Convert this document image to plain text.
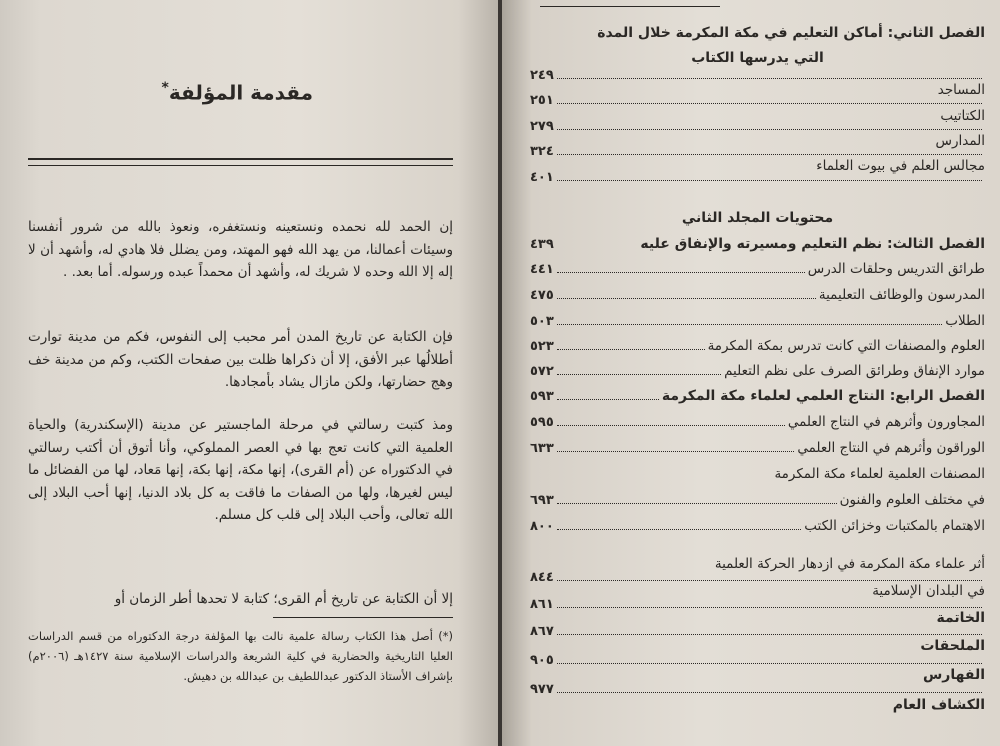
مقدمة المؤلفة*
إن الحمد لله نحمده ونستعينه ونستغفره، ونعوذ بالله من شرور أنفسنا وسيئات أعمالنا، من يهد الله فهو المهتد، ومن يضلل فلا هادي له، وأشهد أن لا إله إلا الله وحده لا شريك له، وأشهد أن محمداً عبده ورسوله. أما بعد. .
فإن الكتابة عن تاريخ المدن أمر محبب إلى النفوس، فكم من مدينة توارت أطلالُها عبر الأفق، إلا أن ذكراها ظلت بين صفحات الكتب، وكم من مدينة خف وهج حضارتها، ولكن مازال يشاد بأمجادها.
ومذ كتبت رسالتي في مرحلة الماجستير عن مدينة (الإسكندرية) والحياة العلمية التي كانت تعج بها في العصر المملوكي، وأنا أتوق أن أكتب رسالتي في الدكتوراه عن (أم القرى)، إنها مكة، إنها بكة، إنها مَعاد، لها من الفضائل ما ليس لغيرها، ولها من الصفات ما فاقت به كل بلاد الدنيا، إنها أحب البلاد إلى الله تعالى، وأحب البلاد إلى قلب كل مسلم.
إلا أن الكتابة عن تاريخ أم القرى؛ كتابة لا تحدها أطر الزمان أو
(*) أصل هذا الكتاب رسالة علمية نالت بها المؤلفة درجة الدكتوراه من قسم الدراسات العليا التاريخية والحضارية في كلية الشريعة والدراسات الإسلامية سنة ١٤٢٧هـ (٢٠٠٦م) بإشراف الأستاذ الدكتور عبداللطيف بن عبدالله بن دهيش.
الفصل الثاني: أماكن التعليم في مكة المكرمة خلال المدة
التي يدرسها الكتاب
٢٤٩
المساجد
٢٥١
الكتاتيب
٢٧٩
المدارس
٣٢٤
مجالس العلم في بيوت العلماء
٤٠١
محتويات المجلد الثاني
الفصل الثالث: نظم التعليم ومسيرته والإنفاق عليه
٤٣٩
طرائق التدريس وحلقات الدرس
٤٤١
المدرسون والوظائف التعليمية
٤٧٥
الطلاب
٥٠٣
العلوم والمصنفات التي كانت تدرس بمكة المكرمة
٥٢٣
موارد الإنفاق وطرائق الصرف على نظم التعليم
٥٧٢
الفصل الرابع: النتاج العلمي لعلماء مكة المكرمة
٥٩٣
المجاورون وأثرهم في النتاج العلمي
٥٩٥
الوراقون وأثرهم في النتاج العلمي
٦٣٣
المصنفات العلمية لعلماء مكة المكرمة
في مختلف العلوم والفنون
٦٩٣
الاهتمام بالمكتبات وخزائن الكتب
٨٠٠
أثر علماء مكة المكرمة في ازدهار الحركة العلمية
٨٤٤
في البلدان الإسلامية
٨٦١
الخاتمة
٨٦٧
الملحقات
٩٠٥
الفهارس
٩٧٧
الكشاف العام
